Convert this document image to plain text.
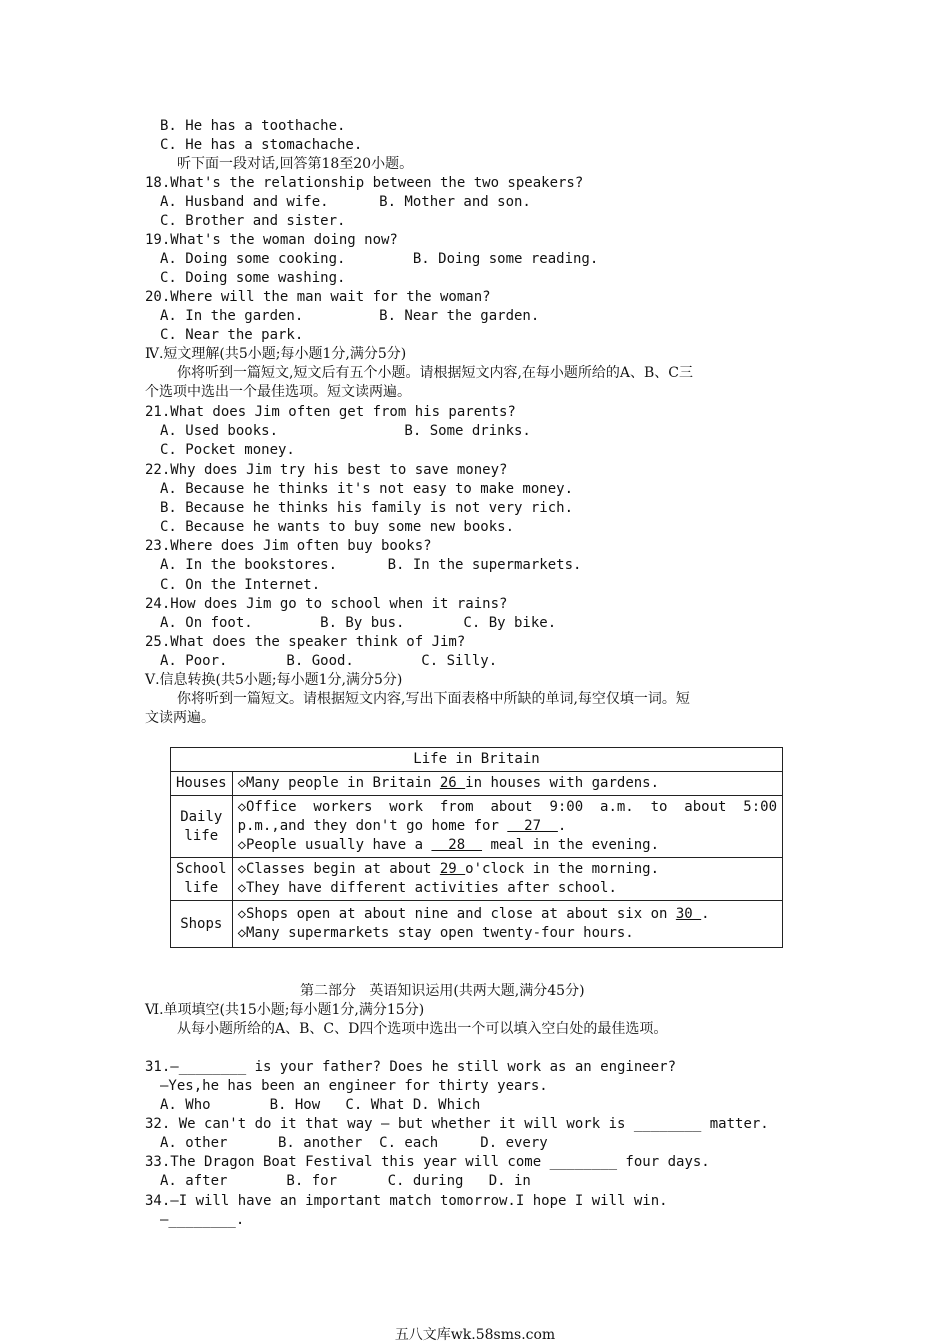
B. He has a toothache.
C. He has a stomachache.
听下面一段对话,回答第18至20小题。
18.What's the relationship between the two speakers?
A. Husband and wife.      B. Mother and son.
C. Brother and sister.
19.What's the woman doing now?
A. Doing some cooking.        B. Doing some reading.
C. Doing some washing.
20.Where will the man wait for the woman?
A. In the garden.         B. Near the garden.
C. Near the park.
Ⅳ.短文理解(共5小题;每小题1分,满分5分)
你将听到一篇短文,短文后有五个小题。请根据短文内容,在每小题所给的A、B、C三
个选项中选出一个最佳选项。短文读两遍。
21.What does Jim often get from his parents?
A. Used books.               B. Some drinks.
C. Pocket money.
22.Why does Jim try his best to save money?
A. Because he thinks it's not easy to make money.
B. Because he thinks his family is not very rich.
C. Because he wants to buy some new books.
23.Where does Jim often buy books?
A. In the bookstores.      B. In the supermarkets.
C. On the Internet.
24.How does Jim go to school when it rains?
A. On foot.        B. By bus.       C. By bike.
25.What does the speaker think of Jim?
A. Poor.       B. Good.        C. Silly.
Ⅴ.信息转换(共5小题;每小题1分,满分5分)
你将听到一篇短文。请根据短文内容,写出下面表格中所缺的单词,每空仅填一词。短
文读两遍。
Life in Britain	
Houses	◇Many people in Britain 26 in houses with gardens.
Daily
life	◇Office  workers  work  from  about  9:00  a.m.  to  about  5:00
p.m.,and they don't go home for   27  .
◇People usually have a   28   meal in the evening.
School
life	◇Classes begin at about 29 o'clock in the morning.
◇They have different activities after school.
Shops	◇Shops open at about nine and close at about six on 30 .
◇Many supermarkets stay open twenty-four hours.
第二部分   英语知识运用(共两大题,满分45分)
Ⅵ.单项填空(共15小题;每小题1分,满分15分)
从每小题所给的A、B、C、D四个选项中选出一个可以填入空白处的最佳选项。
31.—________ is your father? Does he still work as an engineer?
—Yes,he has been an engineer for thirty years.
A. Who       B. How   C. What D. Which
32. We can't do it that way — but whether it will work is ________ matter.
A. other      B. another  C. each     D. every
33.The Dragon Boat Festival this year will come ________ four days.
A. after       B. for      C. during   D. in
34.—I will have an important match tomorrow.I hope I will win.
—________.
五八文库wk.58sms.com
